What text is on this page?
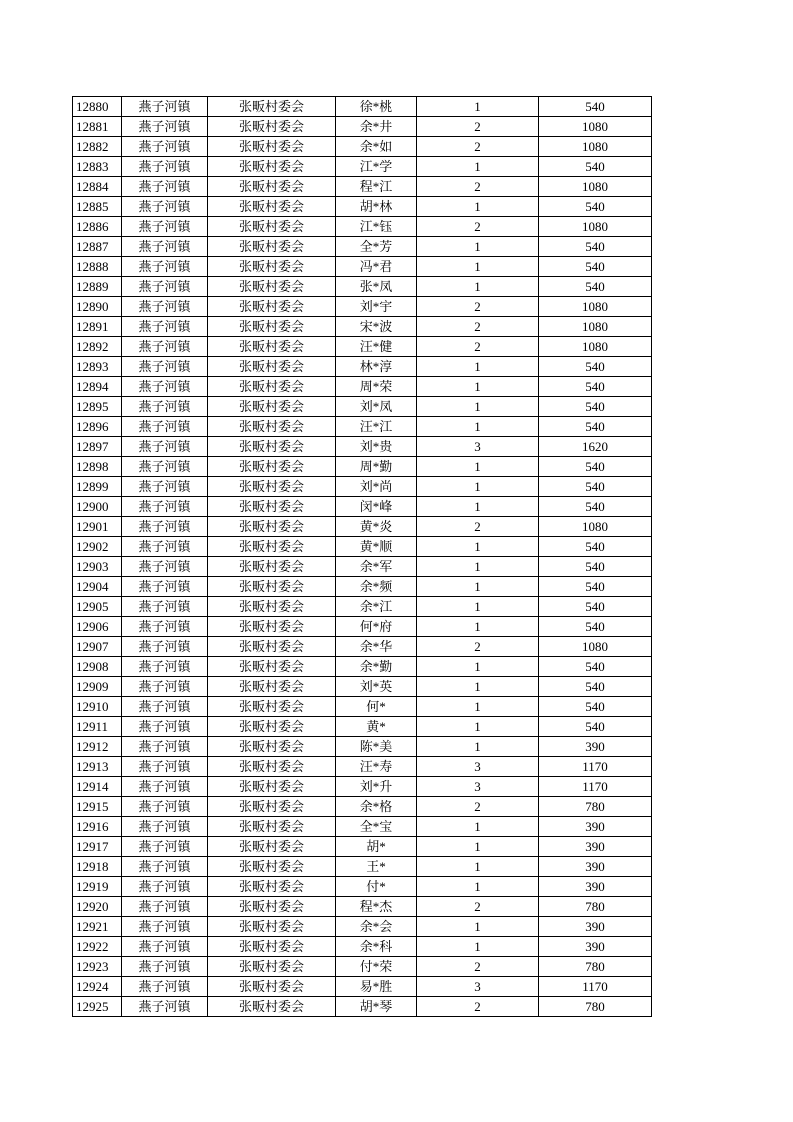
12880	燕子河镇	张畈村委会	徐*桃	1	540
12881	燕子河镇	张畈村委会	余*井	2	1080
12882	燕子河镇	张畈村委会	余*如	2	1080
12883	燕子河镇	张畈村委会	江*学	1	540
12884	燕子河镇	张畈村委会	程*江	2	1080
12885	燕子河镇	张畈村委会	胡*林	1	540
12886	燕子河镇	张畈村委会	江*钰	2	1080
12887	燕子河镇	张畈村委会	全*芳	1	540
12888	燕子河镇	张畈村委会	冯*君	1	540
12889	燕子河镇	张畈村委会	张*凤	1	540
12890	燕子河镇	张畈村委会	刘*宇	2	1080
12891	燕子河镇	张畈村委会	宋*波	2	1080
12892	燕子河镇	张畈村委会	汪*健	2	1080
12893	燕子河镇	张畈村委会	林*淳	1	540
12894	燕子河镇	张畈村委会	周*荣	1	540
12895	燕子河镇	张畈村委会	刘*凤	1	540
12896	燕子河镇	张畈村委会	汪*江	1	540
12897	燕子河镇	张畈村委会	刘*贵	3	1620
12898	燕子河镇	张畈村委会	周*勤	1	540
12899	燕子河镇	张畈村委会	刘*尚	1	540
12900	燕子河镇	张畈村委会	闵*峰	1	540
12901	燕子河镇	张畈村委会	黄*炎	2	1080
12902	燕子河镇	张畈村委会	黄*顺	1	540
12903	燕子河镇	张畈村委会	余*军	1	540
12904	燕子河镇	张畈村委会	余*频	1	540
12905	燕子河镇	张畈村委会	余*江	1	540
12906	燕子河镇	张畈村委会	何*府	1	540
12907	燕子河镇	张畈村委会	余*华	2	1080
12908	燕子河镇	张畈村委会	余*勤	1	540
12909	燕子河镇	张畈村委会	刘*英	1	540
12910	燕子河镇	张畈村委会	何*	1	540
12911	燕子河镇	张畈村委会	黄*	1	540
12912	燕子河镇	张畈村委会	陈*美	1	390
12913	燕子河镇	张畈村委会	汪*寿	3	1170
12914	燕子河镇	张畈村委会	刘*升	3	1170
12915	燕子河镇	张畈村委会	余*格	2	780
12916	燕子河镇	张畈村委会	全*宝	1	390
12917	燕子河镇	张畈村委会	胡*	1	390
12918	燕子河镇	张畈村委会	王*	1	390
12919	燕子河镇	张畈村委会	付*	1	390
12920	燕子河镇	张畈村委会	程*杰	2	780
12921	燕子河镇	张畈村委会	余*会	1	390
12922	燕子河镇	张畈村委会	余*科	1	390
12923	燕子河镇	张畈村委会	付*荣	2	780
12924	燕子河镇	张畈村委会	易*胜	3	1170
12925	燕子河镇	张畈村委会	胡*琴	2	780
